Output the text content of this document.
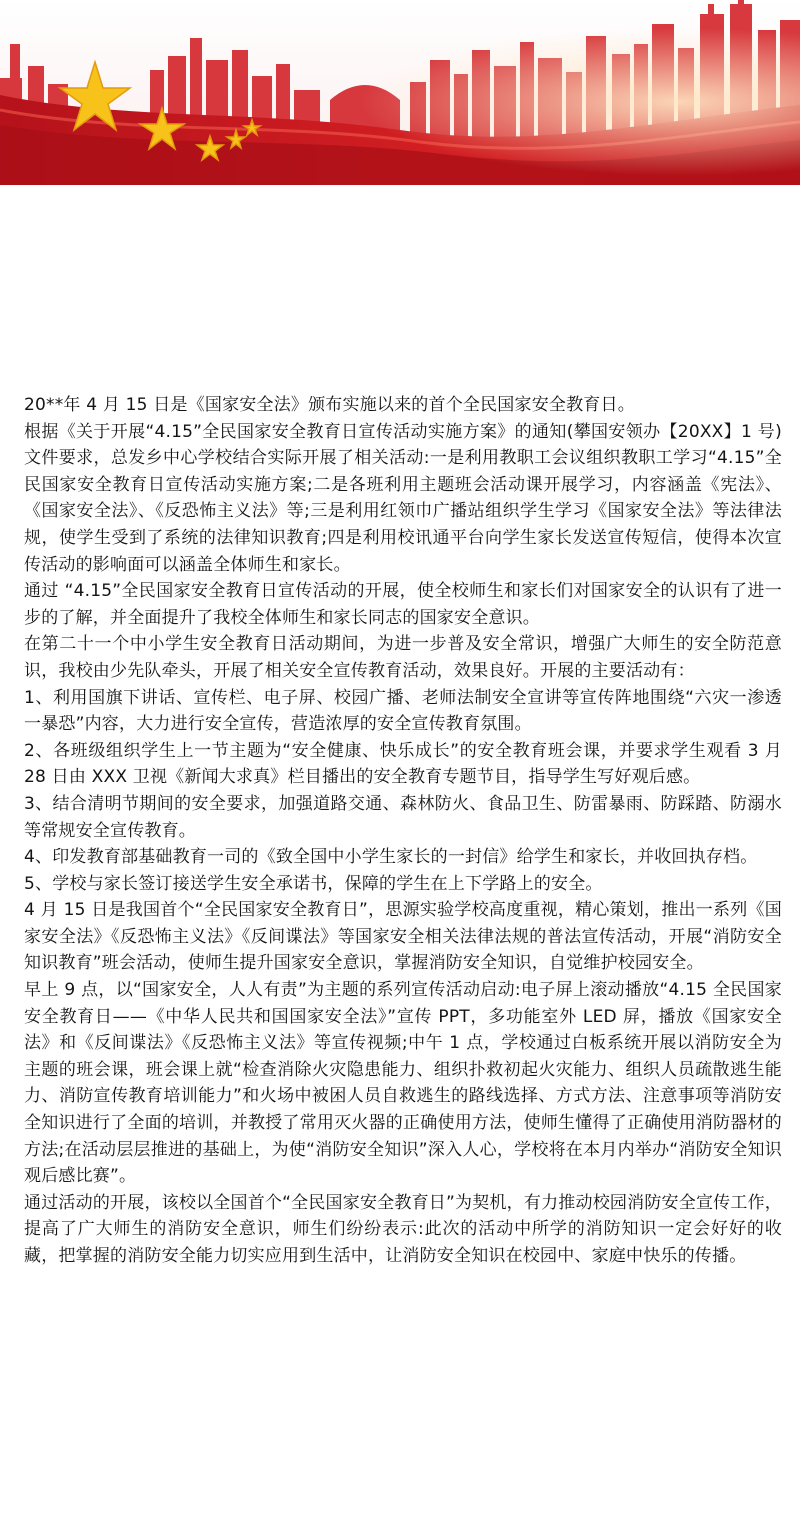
20**年 4 月 15 日是《国家安全法》颁布实施以来的首个全民国家安全教育日。

根据《关于开展“4.15”全民国家安全教育日宣传活动实施方案》的通知(攀国安领办【20XX】1 号)文件要求，总发乡中心学校结合实际开展了相关活动:一是利用教职工会议组织教职工学习“4.15”全民国家安全教育日宣传活动实施方案;二是各班利用主题班会活动课开展学习，内容涵盖《宪法》、《国家安全法》、《反恐怖主义法》等;三是利用红领巾广播站组织学生学习《国家安全法》等法律法规，使学生受到了系统的法律知识教育;四是利用校讯通平台向学生家长发送宣传短信，使得本次宣传活动的影响面可以涵盖全体师生和家长。

通过 “4.15”全民国家安全教育日宣传活动的开展，使全校师生和家长们对国家安全的认识有了进一步的了解，并全面提升了我校全体师生和家长同志的国家安全意识。

在第二十一个中小学生安全教育日活动期间，为进一步普及安全常识，增强广大师生的安全防范意识，我校由少先队牵头，开展了相关安全宣传教育活动，效果良好。开展的主要活动有：

1、利用国旗下讲话、宣传栏、电子屏、校园广播、老师法制安全宣讲等宣传阵地围绕“六灾一渗透一暴恐”内容，大力进行安全宣传，营造浓厚的安全宣传教育氛围。

2、各班级组织学生上一节主题为“安全健康、快乐成长”的安全教育班会课，并要求学生观看 3 月 28 日由 XXX 卫视《新闻大求真》栏目播出的安全教育专题节目，指导学生写好观后感。

3、结合清明节期间的安全要求，加强道路交通、森林防火、食品卫生、防雷暴雨、防踩踏、防溺水等常规安全宣传教育。

4、印发教育部基础教育一司的《致全国中小学生家长的一封信》给学生和家长，并收回执存档。

5、学校与家长签订接送学生安全承诺书，保障的学生在上下学路上的安全。

4 月 15 日是我国首个“全民国家安全教育日”，思源实验学校高度重视，精心策划，推出一系列《国家安全法》《反恐怖主义法》《反间谍法》等国家安全相关法律法规的普法宣传活动，开展“消防安全知识教育”班会活动，使师生提升国家安全意识，掌握消防安全知识，自觉维护校园安全。

早上 9 点，以“国家安全，人人有责”为主题的系列宣传活动启动:电子屏上滚动播放“4.15 全民国家安全教育日——《中华人民共和国国家安全法》”宣传 PPT，多功能室外 LED 屏，播放《国家安全法》和《反间谍法》《反恐怖主义法》等宣传视频;中午 1 点，学校通过白板系统开展以消防安全为主题的班会课，班会课上就“检查消除火灾隐患能力、组织扑救初起火灾能力、组织人员疏散逃生能力、消防宣传教育培训能力”和火场中被困人员自救逃生的路线选择、方式方法、注意事项等消防安全知识进行了全面的培训，并教授了常用灭火器的正确使用方法，使师生懂得了正确使用消防器材的方法;在活动层层推进的基础上，为使“消防安全知识”深入人心，学校将在本月内举办“消防安全知识观后感比赛”。

通过活动的开展，该校以全国首个“全民国家安全教育日”为契机，有力推动校园消防安全宣传工作，提高了广大师生的消防安全意识，师生们纷纷表示:此次的活动中所学的消防知识一定会好好的收藏，把掌握的消防安全能力切实应用到生活中，让消防安全知识在校园中、家庭中快乐的传播。
